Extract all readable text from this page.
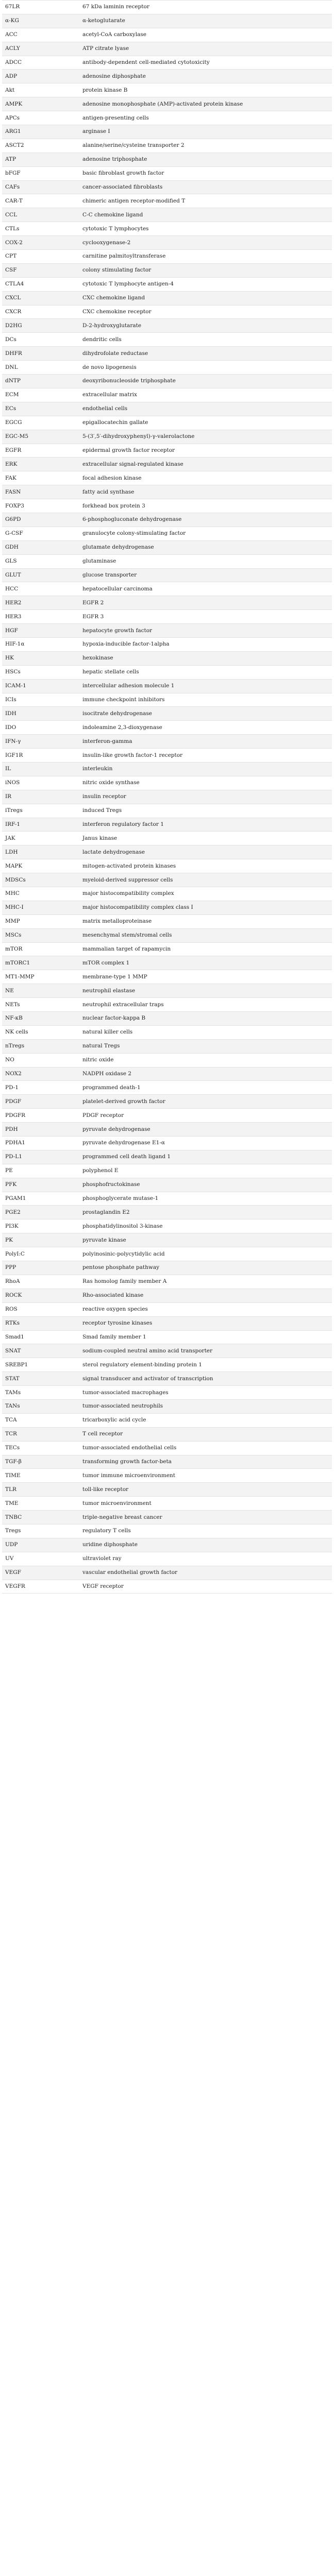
67LR	67 kDa laminin receptor
α-KG	α-ketoglutarate
ACC	acetyl-CoA carboxylase
ACLY	ATP citrate lyase
ADCC	antibody-dependent cell-mediated cytotoxicity
ADP	adenosine diphosphate
Akt	protein kinase B
AMPK	adenosine monophosphate (AMP)-activated protein kinase
APCs	antigen-presenting cells
ARG1	arginase I
ASCT2	alanine/serine/cysteine transporter 2
ATP	adenosine triphosphate
bFGF	basic fibroblast growth factor
CAFs	cancer-associated fibroblasts
CAR-T	chimeric antigen receptor-modified T
CCL	C-C chemokine ligand
CTLs	cytotoxic T lymphocytes
COX-2	cyclooxygenase-2
CPT	carnitine palmitoyltransferase
CSF	colony stimulating factor
CTLA4	cytotoxic T lymphocyte antigen-4
CXCL	CXC chemokine ligand
CXCR	CXC chemokine receptor
D2HG	D-2-hydroxyglutarate
DCs	dendritic cells
DHFR	dihydrofolate reductase
DNL	de novo lipogenesis
dNTP	deoxyribonucleoside triphosphate
ECM	extracellular matrix
ECs	endothelial cells
EGCG	epigallocatechin gallate
EGC-M5	5-(3′,5′-dihydroxyphenyl)-γ-valerolactone
EGFR	epidermal growth factor receptor
ERK	extracellular signal-regulated kinase
FAK	focal adhesion kinase
FASN	fatty acid synthase
FOXP3	forkhead box protein 3
G6PD	6-phosphogluconate dehydrogenase
G-CSF	granulocyte colony-stimulating factor
GDH	glutamate dehydrogenase
GLS	glutaminase
GLUT	glucose transporter
HCC	hepatocellular carcinoma
HER2	EGFR 2
HER3	EGFR 3
HGF	hepatocyte growth factor
HIF-1α	hypoxia-inducible factor-1alpha
HK	hexokinase
HSCs	hepatic stellate cells
ICAM-1	intercellular adhesion molecule 1
ICIs	immune checkpoint inhibitors
IDH	isocitrate dehydrogenase
IDO	indoleamine 2,3-dioxygenase
IFN-γ	interferon-gamma
IGF1R	insulin-like growth factor-1 receptor
IL	interleukin
iNOS	nitric oxide synthase
IR	insulin receptor
iTregs	induced Tregs
IRF-1	interferon regulatory factor 1
JAK	Janus kinase
LDH	lactate dehydrogenase
MAPK	mitogen-activated protein kinases
MDSCs	myeloid-derived suppressor cells
MHC	major histocompatibility complex
MHC-I	major histocompatibility complex class I
MMP	matrix metalloproteinase
MSCs	mesenchymal stem/stromal cells
mTOR	mammalian target of rapamycin
mTORC1	mTOR complex 1
MT1-MMP	membrane-type 1 MMP
NE	neutrophil elastase
NETs	neutrophil extracellular traps
NF-κB	nuclear factor-kappa B
NK cells	natural killer cells
nTregs	natural Tregs
NO	nitric oxide
NOX2	NADPH oxidase 2
PD-1	programmed death-1
PDGF	platelet-derived growth factor
PDGFR	PDGF receptor
PDH	pyruvate dehydrogenase
PDHA1	pyruvate dehydrogenase E1-α
PD-L1	programmed cell death ligand 1
PE	polyphenol E
PFK	phosphofructokinase
PGAM1	phosphoglycerate mutase-1
PGE2	prostaglandin E2
PI3K	phosphatidylinositol 3-kinase
PK	pyruvate kinase
PolyI:C	polyinosinic-polycytidylic acid
PPP	pentose phosphate pathway
RhoA	Ras homolog family member A
ROCK	Rho-associated kinase
ROS	reactive oxygen species
RTKs	receptor tyrosine kinases
Smad1	Smad family member 1
SNAT	sodium-coupled neutral amino acid transporter
SREBP1	sterol regulatory element-binding protein 1
STAT	signal transducer and activator of transcription
TAMs	tumor-associated macrophages
TANs	tumor-associated neutrophils
TCA	tricarboxylic acid cycle
TCR	T cell receptor
TECs	tumor-associated endothelial cells
TGF-β	transforming growth factor-beta
TIME	tumor immune microenvironment
TLR	toll-like receptor
TME	tumor microenvironment
TNBC	triple-negative breast cancer
Tregs	regulatory T cells
UDP	uridine diphosphate
UV	ultraviolet ray
VEGF	vascular endothelial growth factor
VEGFR	VEGF receptor
